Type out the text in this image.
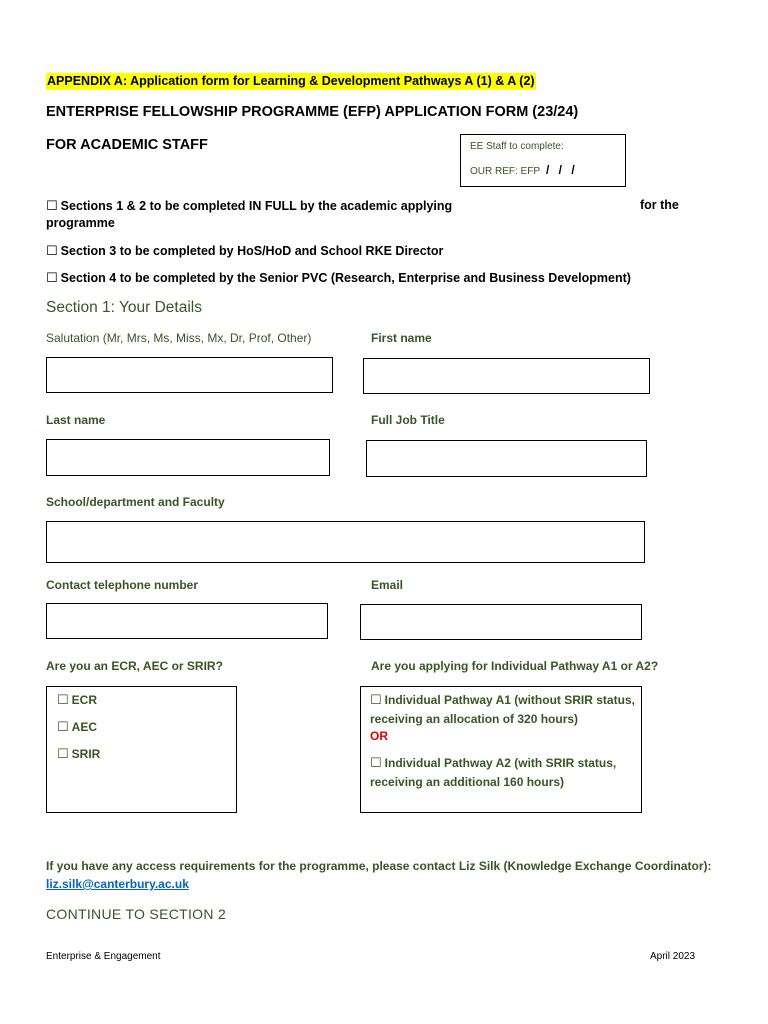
APPENDIX A: Application form for Learning & Development Pathways A (1) & A (2)
ENTERPRISE FELLOWSHIP PROGRAMME (EFP) APPLICATION FORM (23/24)
FOR ACADEMIC STAFF	EE Staff to complete:
OUR REF: EFP / / /
☐ Sections 1 & 2 to be completed IN FULL by the academic applying	for the
programme
☐ Section 3 to be completed by HoS/HoD and School RKE Director
☐ Section 4 to be completed by the Senior PVC (Research, Enterprise and Business Development)
Section 1: Your Details
Salutation (Mr, Mrs, Ms, Miss, Mx, Dr, Prof, Other)	First name
Last name	Full Job Title
School/department and Faculty
Contact telephone number	Email
Are you an ECR, AEC or SRIR?	Are you applying for Individual Pathway A1 or A2?
☐ ECR
☐ AEC
☐ SRIR
☐ Individual Pathway A1 (without SRIR status, receiving an allocation of 320 hours)
OR
☐ Individual Pathway A2 (with SRIR status, receiving an additional 160 hours)
If you have any access requirements for the programme, please contact Liz Silk (Knowledge Exchange Coordinator):
liz.silk@canterbury.ac.uk
CONTINUE TO SECTION 2
Enterprise & Engagement	April 2023
